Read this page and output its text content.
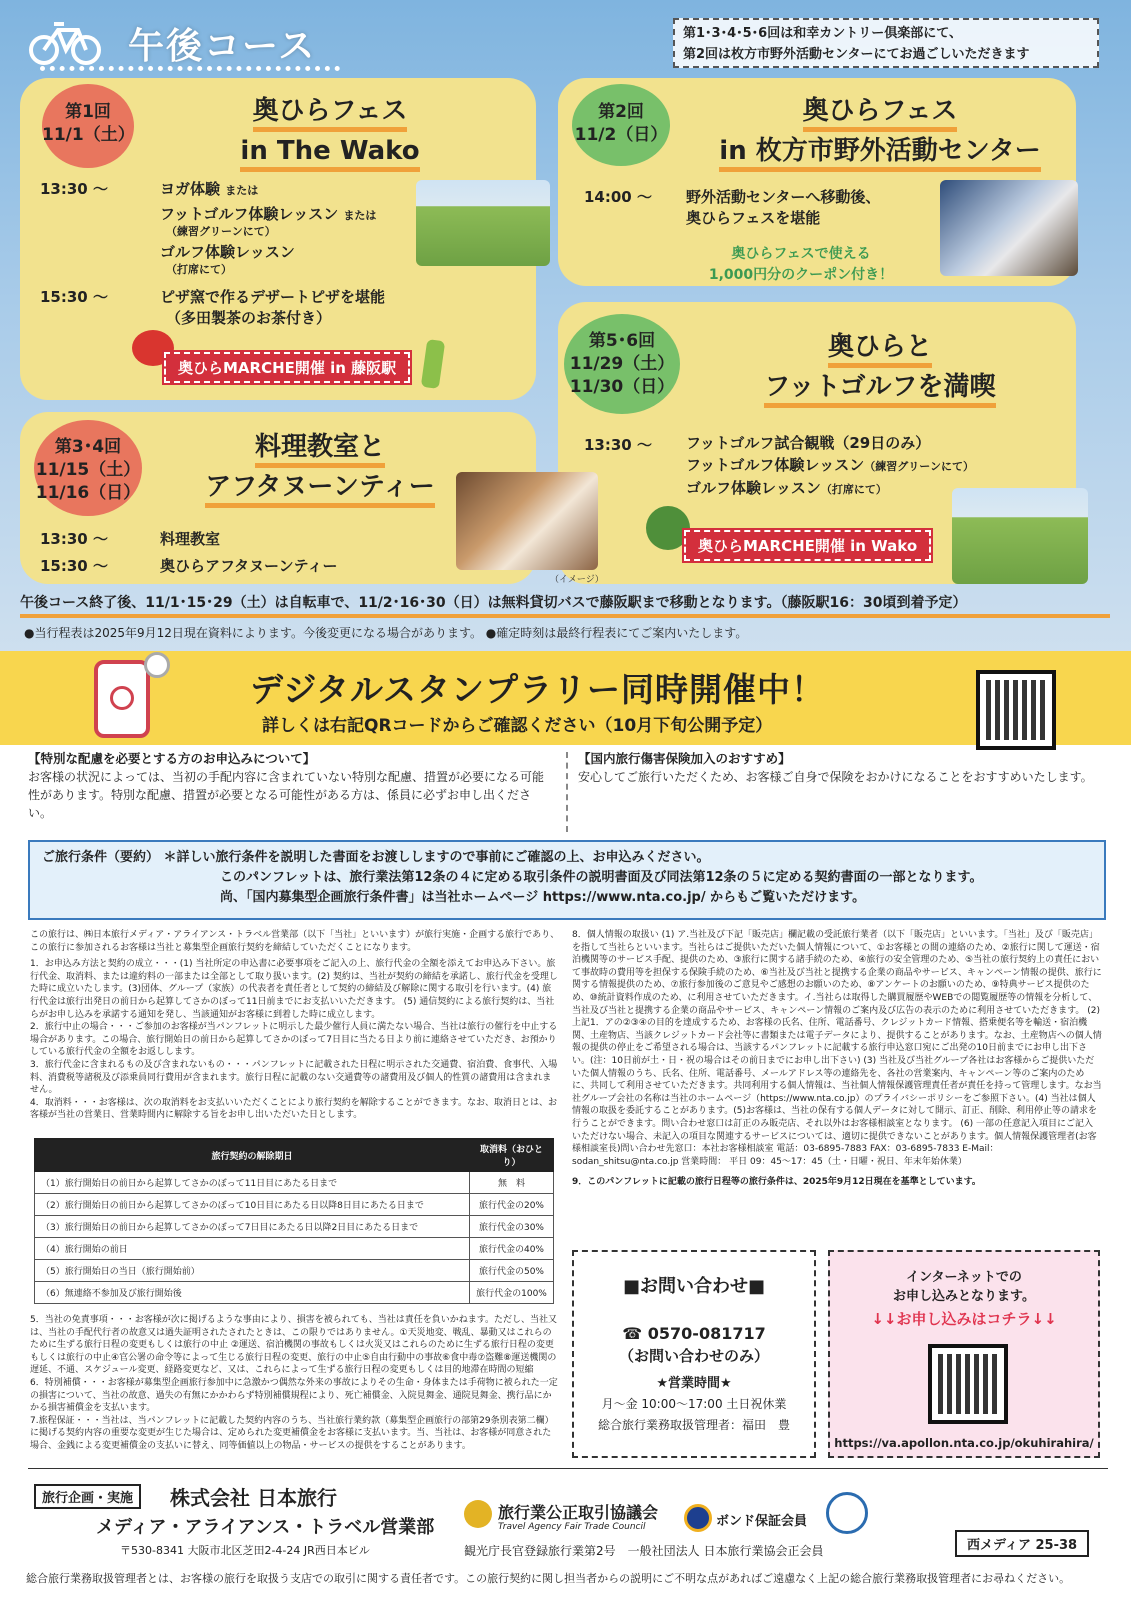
午後コース	第1･3･4･5･6回は和幸カントリー倶楽部にて、
第2回は枚方市野外活動センターにてお過ごしいただきます
第1回
11/1（土）
奥ひらフェス
in The Wako
13:30 〜	ヨガ体験 または
フットゴルフ体験レッスン または
（練習グリーンにて）
ゴルフ体験レッスン
（打席にて）
15:30 〜	ピザ窯で作るデザートピザを堪能
（多田製茶のお茶付き）
奥ひらMARCHE開催 in 藤阪駅
第2回
11/2（日）
奥ひらフェス
in 枚方市野外活動センター
14:00 〜 野外活動センターへ移動後、
奥ひらフェスを堪能
奥ひらフェスで使える
1,000円分のクーポン付き！
第5･6回
11/29（土）
11/30（日）
奥ひらと
フットゴルフを満喫
13:30 〜 フットゴルフ試合観戦（29日のみ）
フットゴルフ体験レッスン（練習グリーンにて）
ゴルフ体験レッスン（打席にて）
奥ひらMARCHE開催 in Wako
第3･4回
11/15（土）
11/16（日）
料理教室と
アフタヌーンティー
13:30 〜	料理教室
15:30 〜	奥ひらアフタヌーンティー
（イメージ）
午後コース終了後、11/1･15･29（土）は自転車で、11/2･16･30（日）は無料貸切バスで藤阪駅まで移動となります。（藤阪駅16：30頃到着予定）
●当行程表は2025年9月12日現在資料によります。今後変更になる場合があります。 ●確定時刻は最終行程表にてご案内いたします。
デジタルスタンプラリー同時開催中！
詳しくは右記QRコードからご確認ください（10月下旬公開予定）
【特別な配慮を必要とする方のお申込みについて】
お客様の状況によっては、当初の手配内容に含まれていない特別な配慮、措置が必要になる可能性があります。特別な配慮、措置が必要となる可能性がある方は、係員に必ずお申し出ください。
【国内旅行傷害保険加入のおすすめ】
安心してご旅行いただくため、お客様ご自身で保険をおかけになることをおすすめいたします。
ご旅行条件（要約） ＊詳しい旅行条件を説明した書面をお渡ししますので事前にご確認の上、お申込みください。
このパンフレットは、旅行業法第12条の４に定める取引条件の説明書面及び同法第12条の５に定める契約書面の一部となります。
尚、「国内募集型企画旅行条件書」は当社ホームページ https://www.nta.co.jp/ からもご覧いただけます。

この旅行は、㈱日本旅行メディア・アライアンス・トラベル営業部（以下「当社」といいます）が旅行実施・企画する旅行であり、この旅行に参加されるお客様は当社と募集型企画旅行契約を締結していただくことになります。

1．お申込み方法と契約の成立・・・(1) 当社所定の申込書に必要事項をご記入の上、旅行代金の全額を添えてお申込み下さい。旅行代金、取消料、または違約料の一部または全部として取り扱います。(2) 契約は、当社が契約の締結を承諾し、旅行代金を受理した時に成立いたします。(3)団体、グループ（家族）の代表者を責任者として契約の締結及び解除に関する取引を行います。(4) 旅行代金は旅行出発日の前日から起算してさかのぼって11日前までにお支払いいただきます。 (5) 通信契約による旅行契約は、当社らがお申し込みを承諾する通知を発し、当該通知がお客様に到着した時に成立します。

2．旅行中止の場合・・・ご参加のお客様が当パンフレットに明示した最少催行人員に満たない場合、当社は旅行の催行を中止する場合があります。この場合、旅行開始日の前日から起算してさかのぼって7日目に当たる日より前に連絡させていただき、お預かりしている旅行代金の全額をお返しします。

3．旅行代金に含まれるもの及び含まれないもの・・・パンフレットに記載された日程に明示された交通費、宿泊費、食事代、入場料、消費税等諸税及び添乗員同行費用が含まれます。旅行日程に記載のない交通費等の諸費用及び個人的性質の諸費用は含まれません。

4．取消料・・・お客様は、次の取消料をお支払いいただくことにより旅行契約を解除することができます。なお、取消日とは、お客様が当社の営業日、営業時間内に解除する旨をお申し出いただいた日とします。

旅行契約の解除期日	取消料（おひとり）
（1）旅行開始日の前日から起算してさかのぼって11日目にあたる日まで	無　料
（2）旅行開始日の前日から起算してさかのぼって10日目にあたる日以降8日目にあたる日まで	旅行代金の20%
（3）旅行開始日の前日から起算してさかのぼって7日目にあたる日以降2日目にあたる日まで	旅行代金の30%
（4）旅行開始の前日	旅行代金の40%
（5）旅行開始日の当日（旅行開始前）	旅行代金の50%
（6）無連絡不参加及び旅行開始後	旅行代金の100%

5．当社の免責事項・・・お客様が次に掲げるような事由により、損害を被られても、当社は責任を負いかねます。ただし、当社又は、当社の手配代行者の故意又は過失証明されたされたときは、この限りではありません。①天災地変、戦乱、暴動又はこれらのために生ずる旅行日程の変更もしくは旅行の中止 ②運送、宿泊機関の事故もしくは火災又はこれらのために生ずる旅行日程の変更もしくは旅行の中止④官公署の命令等によって生じる旅行日程の変更、旅行の中止⑤自由行動中の事故⑥食中毒⑦盗難⑧運送機関の遅延、不通、スケジュール変更、経路変更など、又は、これらによって生ずる旅行日程の変更もしくは目的地滞在時間の短縮

6．特別補償・・・お客様が募集型企画旅行参加中に急激かつ偶然な外来の事故によりその生命・身体または手荷物に被られた一定の損害について、当社の故意、過失の有無にかかわらず特別補償規程により、死亡補償金、入院見舞金、通院見舞金、携行品にかかる損害補償金を支払います。

7.旅程保証・・・当社は、当パンフレットに記載した契約内容のうち、当社旅行業約款（募集型企画旅行の部第29条別表第二欄）に掲げる契約内容の重要な変更が生じた場合は、定められた変更補償金をお客様に支払います。当、当社は、お客様が同意された場合、金銭による変更補償金の支払いに替え、同等価値以上の物品・サービスの提供をすることがあります。

8．個人情報の取扱い (1) ア.当社及び下記「販売店」欄記載の受託旅行業者（以下「販売店」といいます。「当社」及び「販売店」を指して当社らといいます。当社らはご提供いただいた個人情報について、①お客様との間の連絡のため、②旅行に関して運送・宿泊機関等のサービス手配、提供のため、③旅行に関する諸手続のため、④旅行の安全管理のため、⑤当社の旅行契約上の責任において事故時の費用等を担保する保険手続のため、⑥当社及び当社と提携する企業の商品やサービス、キャンペーン情報の提供、旅行に関する情報提供のため、⑦旅行参加後のご意見やご感想のお願いのため、⑧アンケートのお願いのため、⑨特典サービス提供のため、⑩統計資料作成のため、に利用させていただきます。イ.当社らは取得した購買履歴やWEBでの閲覧履歴等の情報を分析して、当社及び当社と提携する企業の商品やサービス、キャンペーン情報のご案内及び広告の表示のために利用させていただきます。 (2) 上記1．アの②③④の目的を達成するため、お客様の氏名、住所、電話番号、クレジットカード情報、搭乗便名等を輸送・宿泊機関、土産物店、当該クレジットカード会社等に書類または電子データにより、提供することがあります。なお、土産物店への個人情報の提供の停止をご希望される場合は、当該するパンフレットに記載する旅行申込窓口宛にご出発の10日前までにお申し出下さい。(注：10日前が土・日・祝の場合はその前日までにお申し出下さい) (3) 当社及び当社グループ各社はお客様からご提供いただいた個人情報のうち、氏名、住所、電話番号、メールアドレス等の連絡先を、各社の営業案内、キャンペーン等のご案内のために、共同して利用させていただきます。共同利用する個人情報は、当社個人情報保護管理責任者が責任を持って管理します。なお当社グループ会社の名称は当社のホームページ（https://www.nta.co.jp）のプライバシーポリシーをご参照下さい。(4) 当社は個人情報の取扱を委託することがあります。(5)お客様は、当社の保有する個人データに対して開示、訂正、削除、利用停止等の請求を行うことができます。問い合わせ窓口は訂正のみ販売店、それ以外はお客様相談室となります。 (6) 一部の任意記入項目にご記入いただけない場合、未記入の項目な関連するサービスについては、適切に提供できないことがあります。個人情報保護管理者(お客様相談室長)問い合わせ先窓口：本社お客様相談室 電話：03-6895-7883 FAX：03-6895-7833 E-Mail：sodan_shitsu@nta.co.jp 営業時間： 平日 09：45〜17：45（土・日曜・祝日、年末年始休業）

9．このパンフレットに記載の旅行日程等の旅行条件は、2025年9月12日現在を基準としています。

■お問い合わせ■
☎ 0570-081717
（お問い合わせのみ）
★営業時間★
月〜金 10:00〜17:00 土日祝休業
総合旅行業務取扱管理者：福田　豊
インターネットでの
お申し込みとなります。
↓↓お申し込みはコチラ↓↓
https://va.apollon.nta.co.jp/okuhirahira/
旅行企画・実施	株式会社 日本旅行
メディア・アライアンス・トラベル営業部
〒530-8341 大阪市北区芝田2-4-24 JR西日本ビル
旅行業公正取引協議会
Travel Agency Fair Trade Council	ボンド保証会員
観光庁長官登録旅行業第2号　一般社団法人 日本旅行業協会正会員	西メディア 25-38
総合旅行業務取扱管理者とは、お客様の旅行を取扱う支店での取引に関する責任者です。この旅行契約に関し担当者からの説明にご不明な点があればご遠慮なく上記の総合旅行業務取扱管理者にお尋ねください。
